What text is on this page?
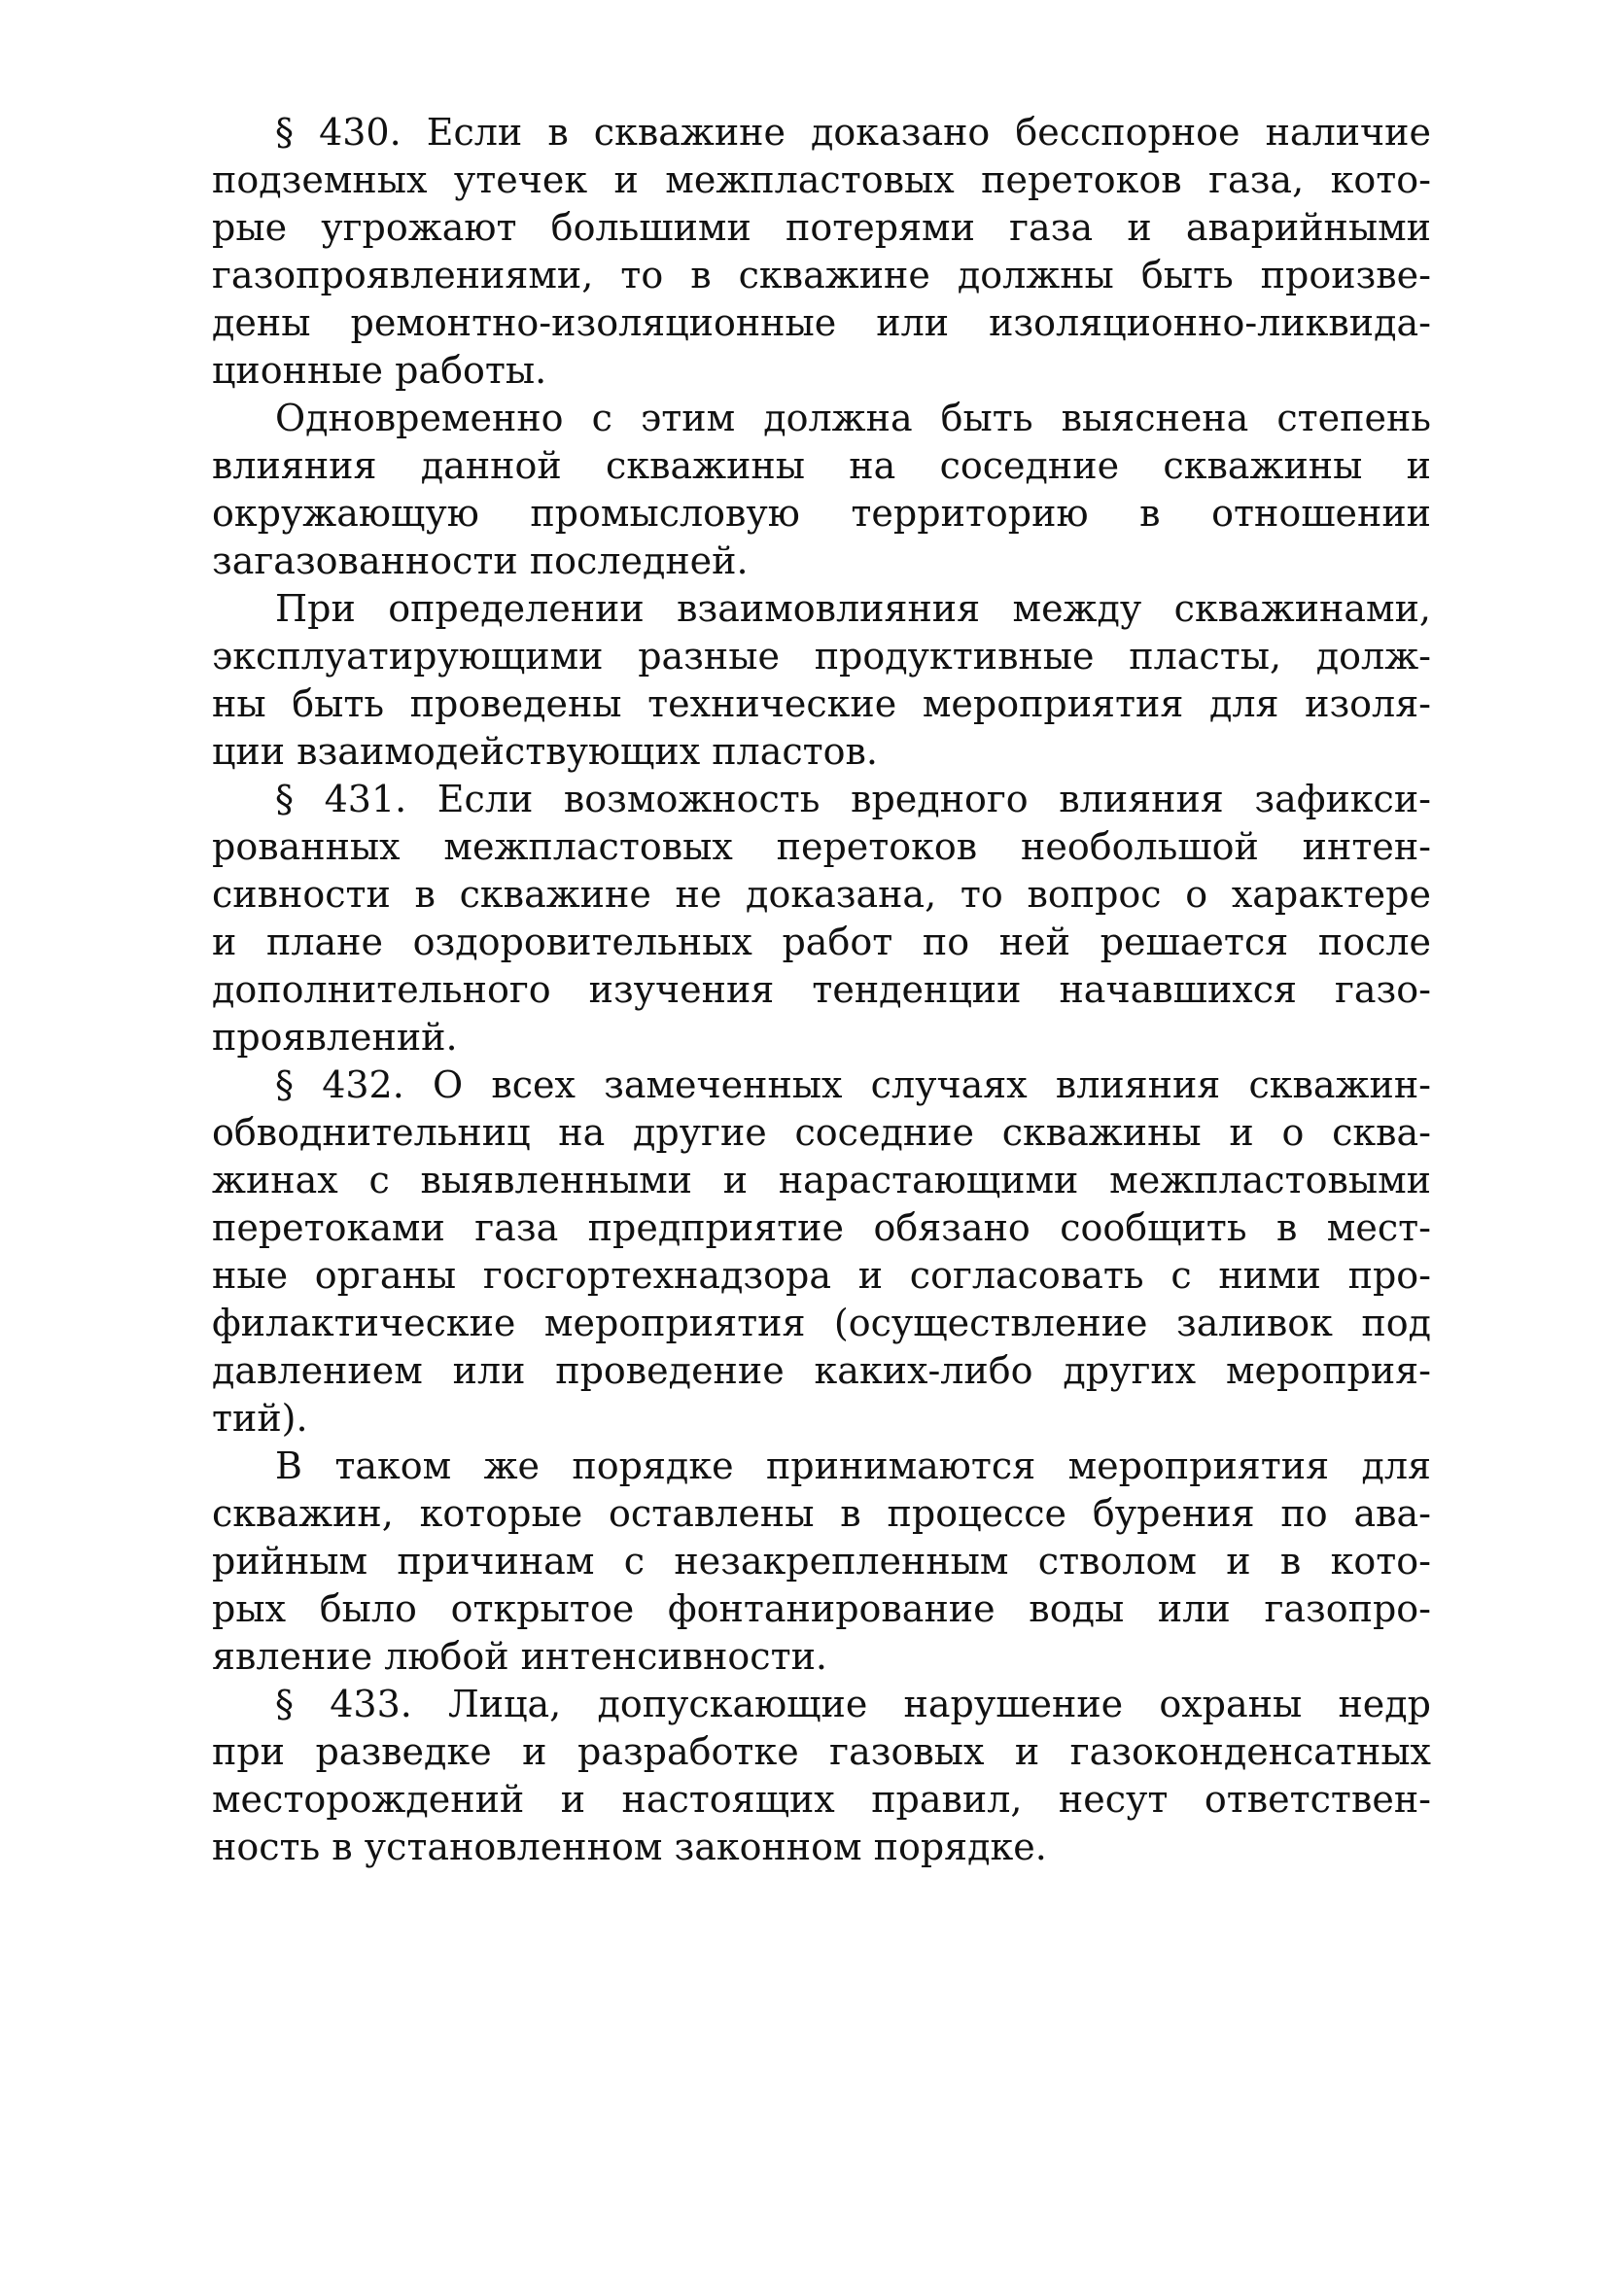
§ 430. Если в скважине доказано бесспорное наличие
подземных утечек и межпластовых перетоков газа, кото-
рые угрожают большими потерями газа и аварийными
газопроявлениями, то в скважине должны быть произве-
дены ремонтно-изоляционные или изоляционно-ликвида-
ционные работы.
Одновременно с этим должна быть выяснена степень
влияния данной скважины на соседние скважины и
окружающую промысловую территорию в отношении
загазованности последней.
При определении взаимовлияния между скважинами,
эксплуатирующими разные продуктивные пласты, долж-
ны быть проведены технические мероприятия для изоля-
ции взаимодействующих пластов.
§ 431. Если возможность вредного влияния зафикси-
рованных межпластовых перетоков необольшой интен-
сивности в скважине не доказана, то вопрос о характере
и плане оздоровительных работ по ней решается после
дополнительного изучения тенденции начавшихся газо-
проявлений.
§ 432. О всех замеченных случаях влияния скважин-
обводнительниц на другие соседние скважины и о сква-
жинах с выявленными и нарастающими межпластовыми
перетоками газа предприятие обязано сообщить в мест-
ные органы госгортехнадзора и согласовать с ними про-
филактические мероприятия (осуществление заливок под
давлением или проведение каких-либо других мероприя-
тий).
В таком же порядке принимаются мероприятия для
скважин, которые оставлены в процессе бурения по ава-
рийным причинам с незакрепленным стволом и в кото-
рых было открытое фонтанирование воды или газопро-
явление любой интенсивности.
§ 433. Лица, допускающие нарушение охраны недр
при разведке и разработке газовых и газоконденсатных
месторождений и настоящих правил, несут ответствен-
ность в установленном законном порядке.
